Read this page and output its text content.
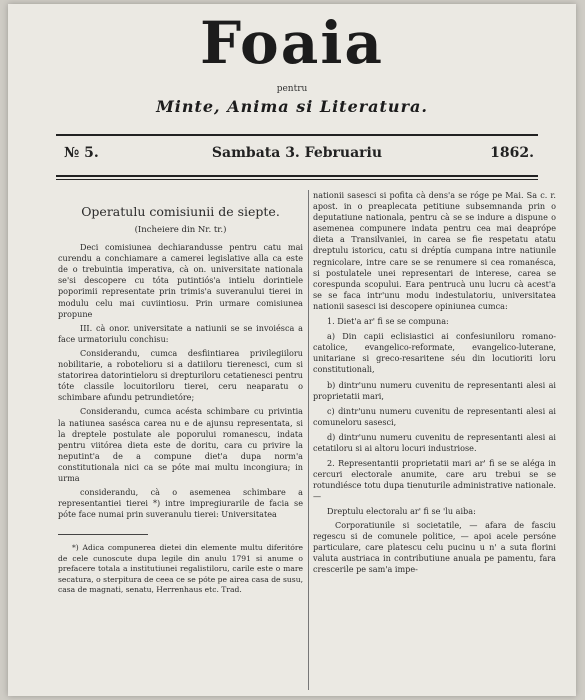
Foaia
pentru
Minte, Anima si Literatura.
№ 5.	Sambata 3. Februariu	1862.
Operatulu comisiunii de siepte.
(Incheiere din Nr. tr.)

Deci comisiunea dechiarandusse pentru catu mai curendu a conchiamare a camerei legislative alla ca este de o trebuintia imperativa, cà on. universitate nationala se'si descopere cu tóta putintiós'a intielu dorintiele poporimii representate prin trimis'a suveranului tierei in modulu celu mai cuviintiosu. Prin urmare comisiunea propune

III. cà onor. universitate a natiunii se se invoiésca a face urmatoriulu conchisu:

Considerandu, cumca desfiintiarea privilegiiloru nobilitarie, a robotelioru si a datiiloru tierenesci, cum si statorirea datorintieloru si drepturiloru cetatienesci pentru tóte classile locuitoriloru tierei, ceru neaparatu o schimbare afundu petrundietóre;

Considerandu, cumca acésta schimbare cu privintia la natiunea sasésca carea nu e de ajunsu representata, si la dreptele postulate ale poporului romanescu, indata pentru viitórea dieta este de doritu, cara cu privire la neputint'a de a compune diet'a dupa norm'a constitutionala nici ca se póte mai multu incongiura; in urma

considerandu, cà o asemenea schimbare a representantiei tierei *) intre impregiurarile de facia se póte face numai prin suveranulu tierei: Universitatea

*) Adica compunerea dietei din elemente multu diferitóre de cele cunoscute dupa legile din anulu 1791 si anume o prefacere totala a institutiunei regalistiloru, carile este o mare secatura, o sterpitura de ceea ce se póte pe airea casa de susu, casa de magnati, senatu, Herrenhaus etc. Trad.

nationii sasesci si pofita cà dens'a se róge pe Mai. Sa c. r. apost. in o preaplecata petitiune subsemnanda prin o deputatiune nationala, pentru cà se se indure a dispune o asemenea compunere indata pentru cea mai deaprópe dieta a Transilvaniei, in carea se fie respetatu atatu dreptulu istoricu, catu si dréptía cumpana intre natiunile regnicolare, intre care se se renumere si cea romanésca, si postulatele unei representari de interese, carea se corespunda scopului. Eara pentrucà unu lucru cà acest'a se se faca intr'unu modu indestulatoriu, universitatea nationii sasesci isi descopere opiniunea cumca:

1. Diet'a ar' fi se se compuna:

a) Din capii eclisiastici ai confesiuniloru romano-catolice, evangelico-reformate, evangelico-luterane, unitariane si greco-resaritene séu din locutioriti loru constitutionali,

b) dintr'unu numeru cuvenitu de representanti alesi ai proprietatii mari,

c) dintr'unu numeru cuvenitu de representanti alesi ai comuneloru sasesci,

d) dintr'unu numeru cuvenitu de representanti alesi ai cetatiloru si ai altoru locuri industriose.

2. Representantii proprietatii mari ar' fi se se aléga in cercuri electorale anumite, care aru trebui se se rotundiésce totu dupa tienuturile administrative nationale. —

Dreptulu electoralu ar' fi se 'lu aiba:

Corporatiunile si societatile, — afara de fasciu regescu si de comunele politice, — apoi acele persóne particulare, care platescu celu pucinu u n' a suta florini valuta austriaca in contributiune anuala pe pamentu, fara crescerile pe sam'a impe-
